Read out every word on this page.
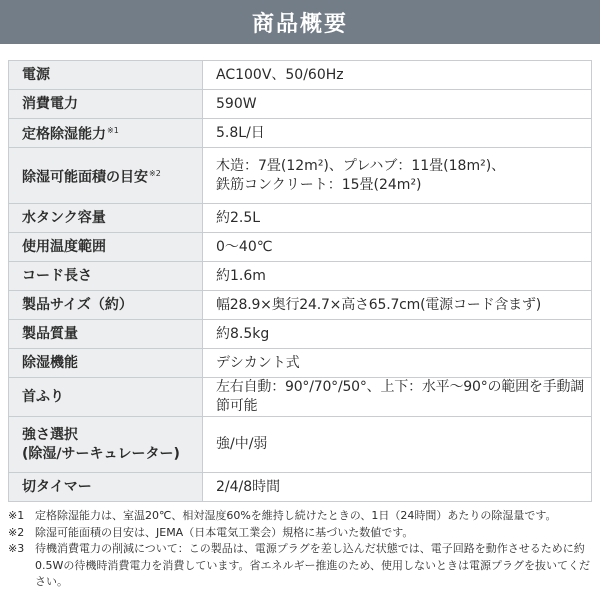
商品概要
電源	AC100V、50/60Hz
消費電力	590W
定格除湿能力$^{※1}$	5.8L/日
除湿可能面積の目安$^{※2}$	木造：7畳(12m²)、プレハブ：11畳(18m²)、
鉄筋コンクリート：15畳(24m²)

水タンク容量	約2.5L
使用温度範囲	0～40℃
コード長さ	約1.6m
製品サイズ（約）	幅28.9×奥行24.7×高さ65.7cm(電源コード含まず)
製品質量	約8.5kg
除湿機能	デシカント式
首ふり	左右自動：90°/70°/50°、上下：水平～90°の範囲を手動調節可能

強さ選択
(除湿/サーキュレーター)	強/中/弱
切タイマー	2/4/8時間
※1 定格除湿能力は、室温20℃、相対湿度60%を維持し続けたときの、1日（24時間）あたりの除湿量です。
※2 除湿可能面積の目安は、JEMA（日本電気工業会）規格に基づいた数値です。
※3 待機消費電力の削減について：この製品は、電源プラグを差し込んだ状態では、電子回路を動作させるために約0.5Wの待機時消費電力を消費しています。省エネルギー推進のため、使用しないときは電源プラグを抜いてください。
